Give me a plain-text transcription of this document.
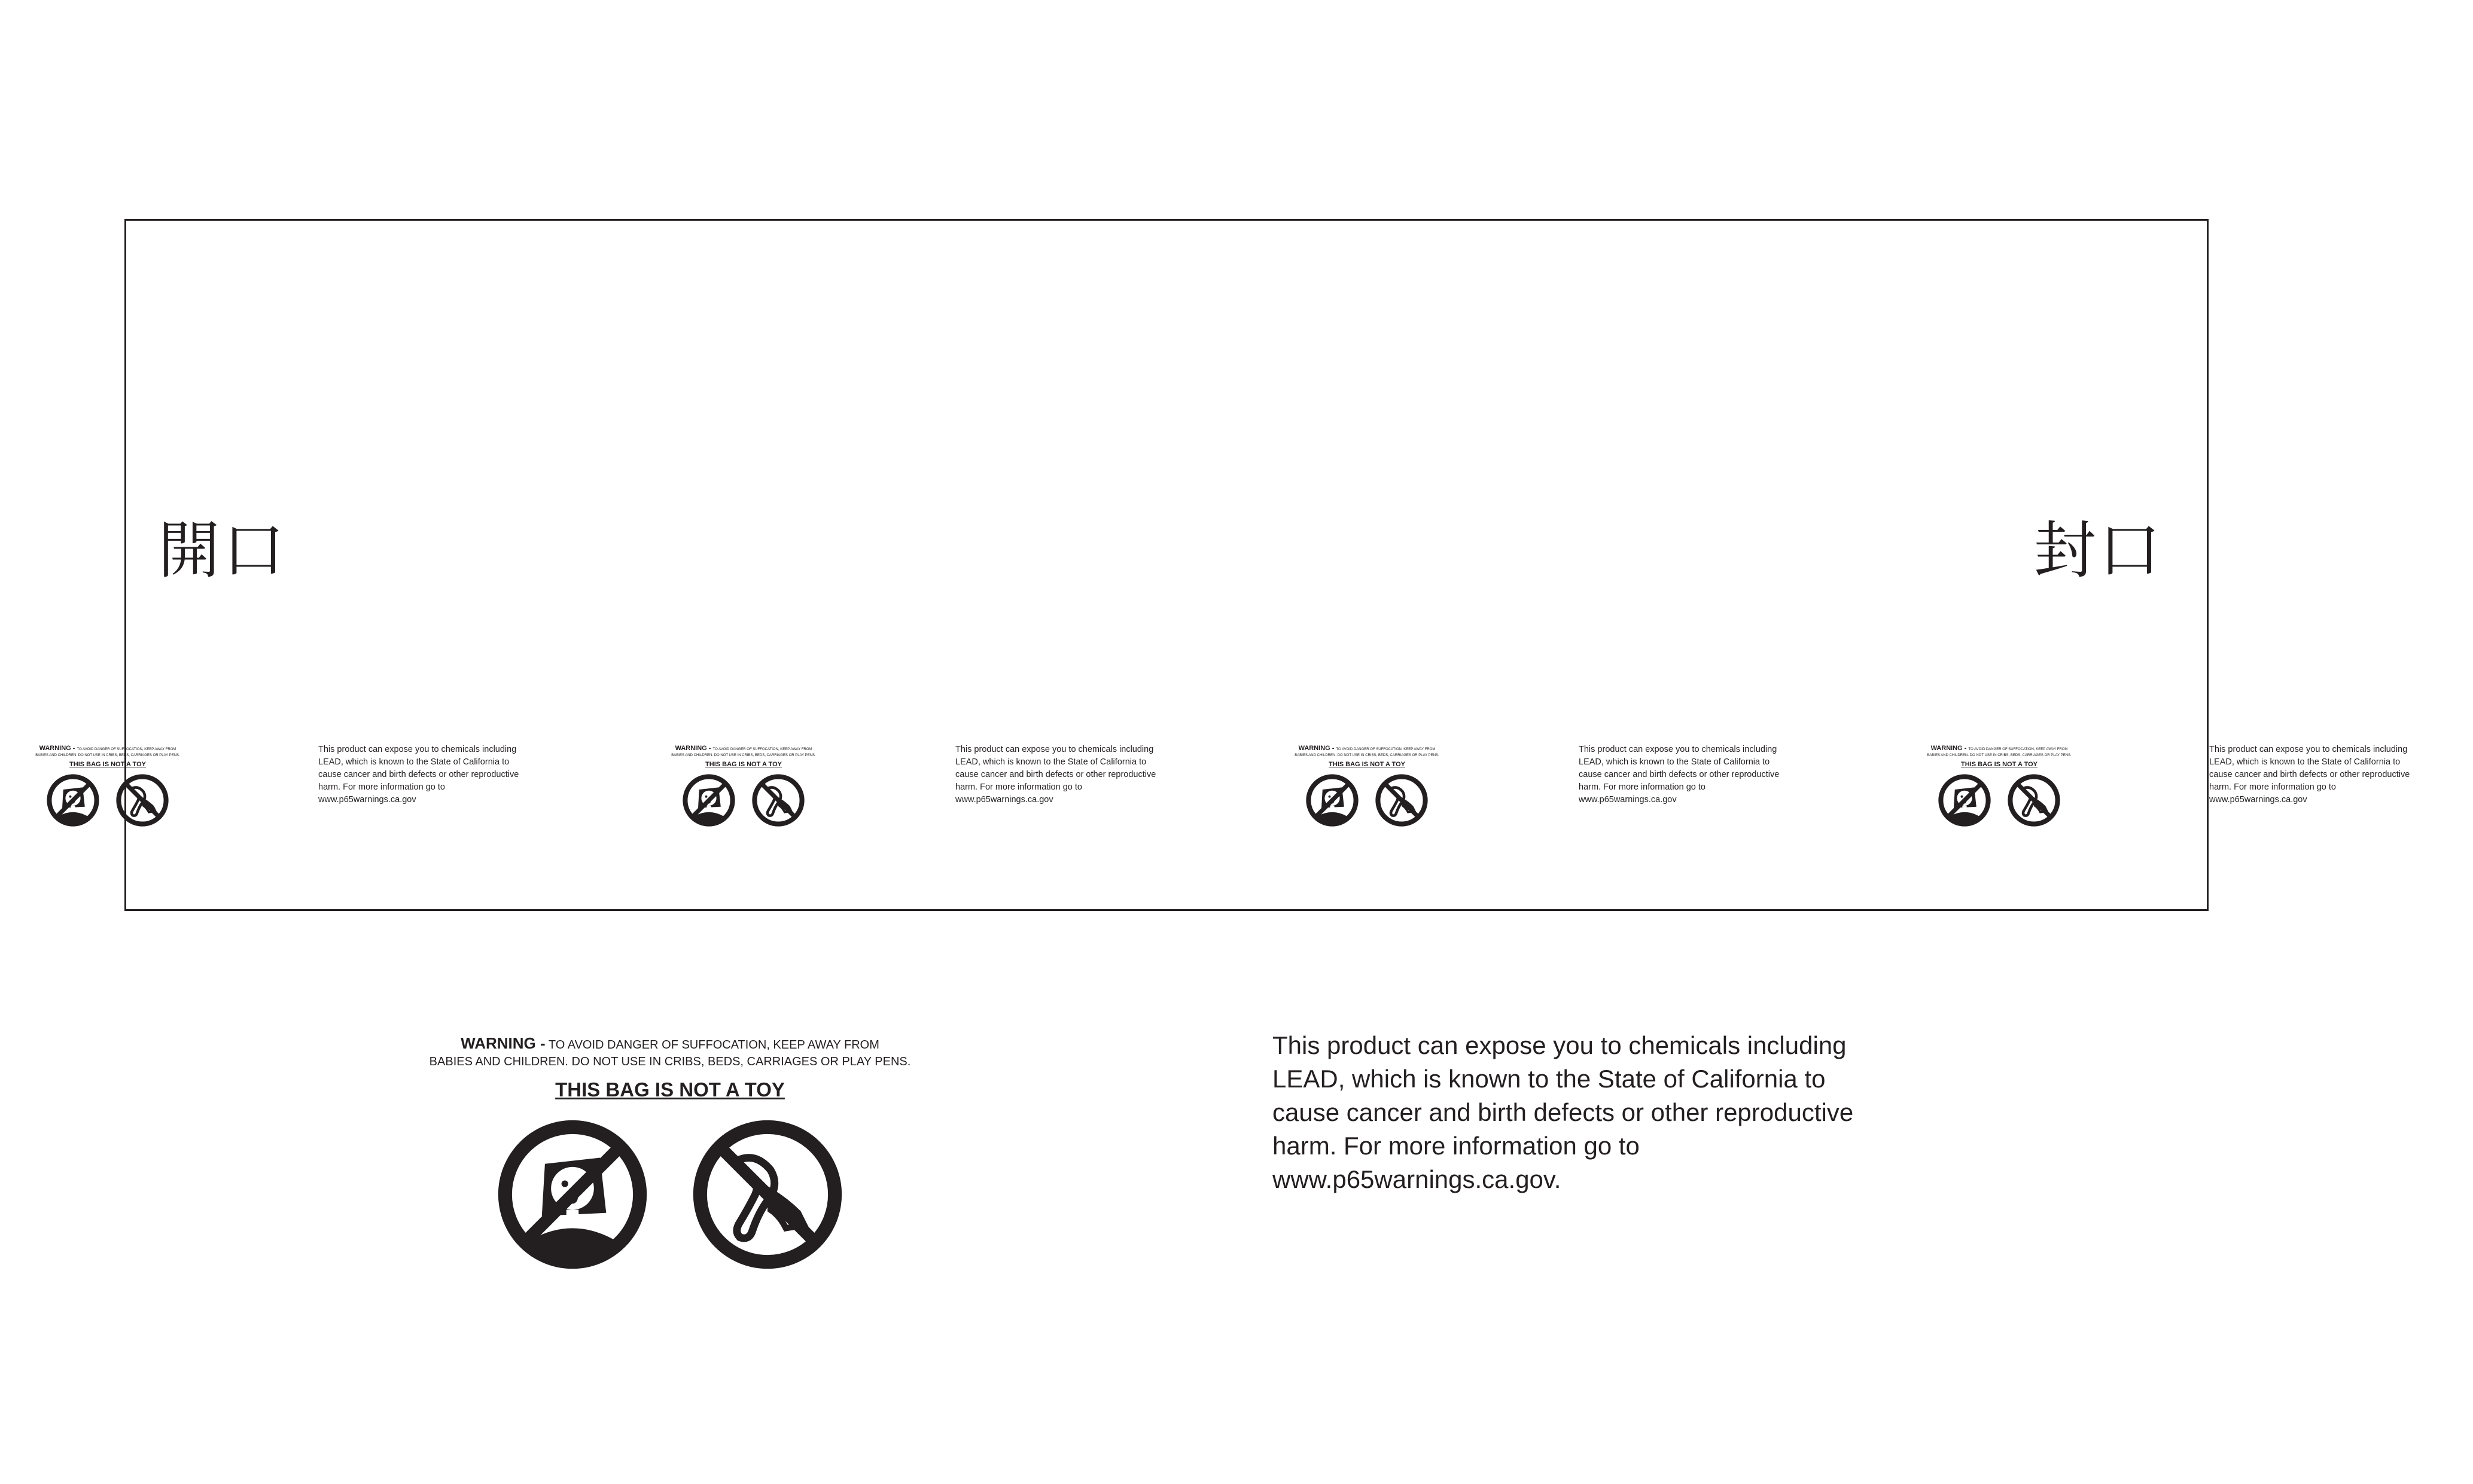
開口	封口
WARNING - TO AVOID DANGER OF SUFFOCATION, KEEP AWAY FROM
BABIES AND CHILDREN. DO NOT USE IN CRIBS, BEDS, CARRIAGES OR PLAY PENS.
THIS BAG IS NOT A TOY
WARNING - TO AVOID DANGER OF SUFFOCATION, KEEP AWAY FROM
BABIES AND CHILDREN. DO NOT USE IN CRIBS, BEDS, CARRIAGES OR PLAY PENS.
THIS BAG IS NOT A TOY
WARNING - TO AVOID DANGER OF SUFFOCATION, KEEP AWAY FROM
BABIES AND CHILDREN. DO NOT USE IN CRIBS, BEDS, CARRIAGES OR PLAY PENS.
THIS BAG IS NOT A TOY
WARNING - TO AVOID DANGER OF SUFFOCATION, KEEP AWAY FROM
BABIES AND CHILDREN. DO NOT USE IN CRIBS, BEDS, CARRIAGES OR PLAY PENS.
THIS BAG IS NOT A TOY
This product can expose you to chemicals including
LEAD, which is known to the State of California to
cause cancer and birth defects or other reproductive
harm. For more information go to
www.p65warnings.ca.gov
This product can expose you to chemicals including
LEAD, which is known to the State of California to
cause cancer and birth defects or other reproductive
harm. For more information go to
www.p65warnings.ca.gov
This product can expose you to chemicals including
LEAD, which is known to the State of California to
cause cancer and birth defects or other reproductive
harm. For more information go to
www.p65warnings.ca.gov
This product can expose you to chemicals including
LEAD, which is known to the State of California to
cause cancer and birth defects or other reproductive
harm. For more information go to
www.p65warnings.ca.gov
WARNING - TO AVOID DANGER OF SUFFOCATION, KEEP AWAY FROM
BABIES AND CHILDREN. DO NOT USE IN CRIBS, BEDS, CARRIAGES OR PLAY PENS.
THIS BAG IS NOT A TOY
This product can expose you to chemicals including
LEAD, which is known to the State of California to
cause cancer and birth defects or other reproductive
harm. For more information go to
www.p65warnings.ca.gov.
